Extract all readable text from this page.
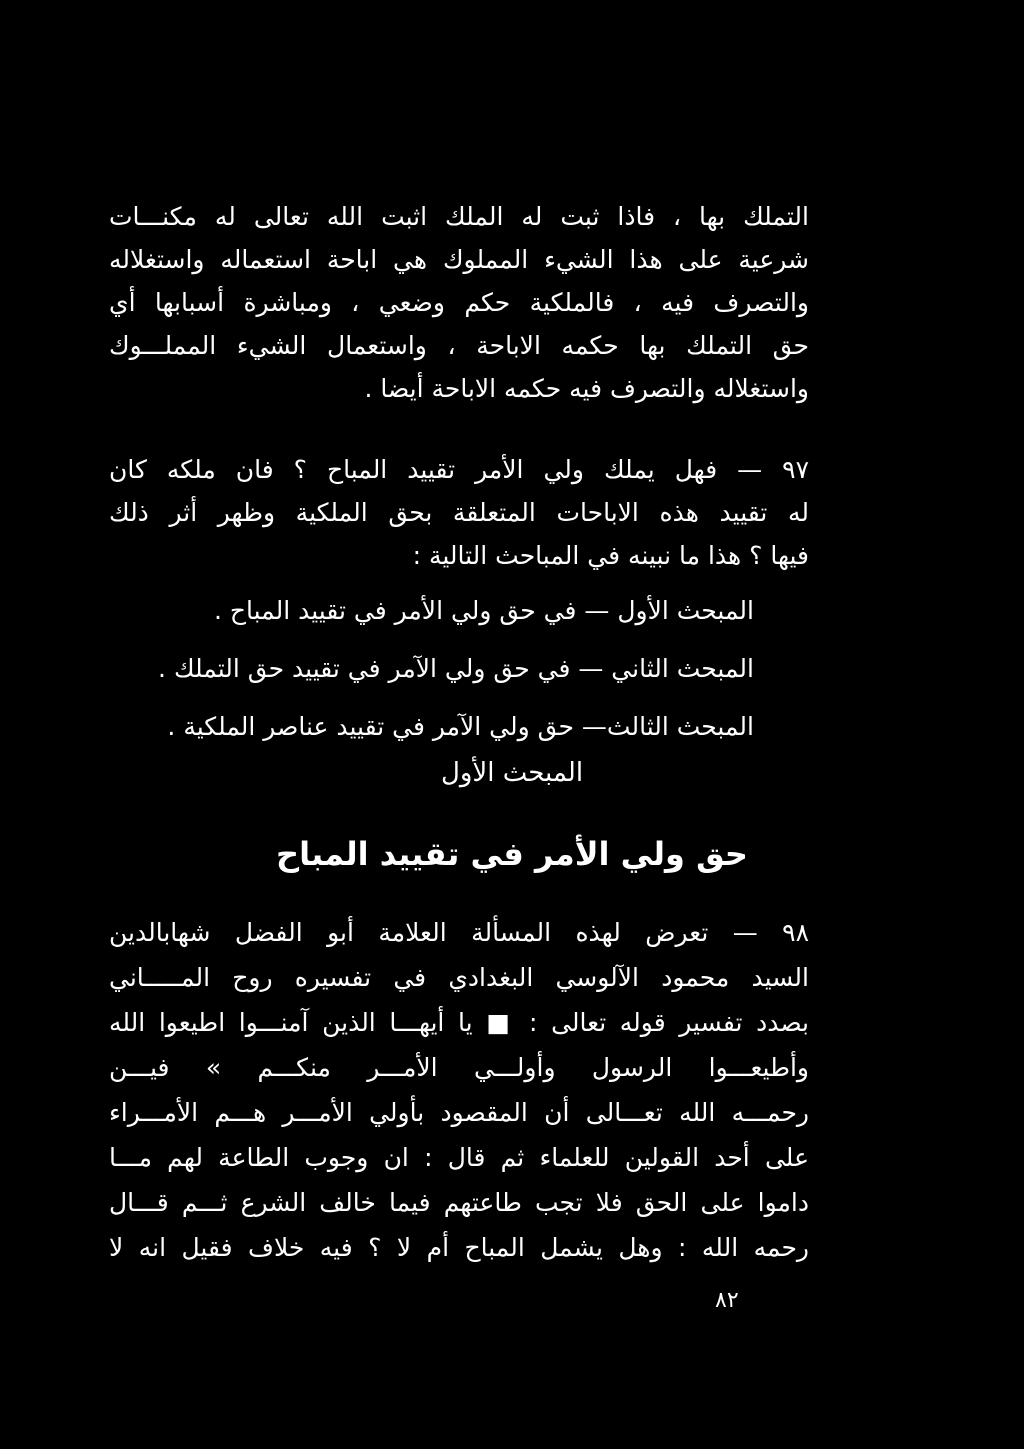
التملك بها ، فاذا ثبت له الملك اثبت الله تعالى له مكنـــات
شرعية على هذا الشيء المملوك هي اباحة استعماله واستغلاله
والتصرف فيه ، فالملكية حكم وضعي ، ومباشرة أسبابها أي
حق التملك بها حكمه الاباحة ، واستعمال الشيء المملـــوك
واستغلاله والتصرف فيه حكمه الاباحة أيضا .
٩٧ — فهل يملك ولي الأمر تقييد المباح ؟ فان ملكه كان
له تقييد هذه الاباحات المتعلقة بحق الملكية وظهر أثر ذلك
فيها ؟ هذا ما نبينه في المباحث التالية :
المبحث الأول — في حق ولي الأمر في تقييد المباح .
المبحث الثاني — في حق ولي الآمر في تقييد حق التملك .
المبحث الثالث— حق ولي الآمر في تقييد عناصر الملكية .
المبحث الأول
حق ولي الأمر في تقييد المباح
٩٨ — تعرض لهذه المسألة العلامة أبو الفضل شهابالدين
السيد محمود الآلوسي البغدادي في تفسيره روح المـــــاني
بصدد تفسير قوله تعالى : ■ يا أيهـــا الذين آمنـــوا اطيعوا الله
وأطيعـــوا الرسول وأولـــي الأمـــر منكـــم » فيـــن
رحمـــه الله تعـــالى أن المقصود بأولي الأمـــر هـــم الأمـــراء
على أحد القولين للعلماء ثم قال : ان وجوب الطاعة لهم مـــا
داموا على الحق فلا تجب طاعتهم فيما خالف الشرع ثـــم قـــال
رحمه الله : وهل يشمل المباح أم لا ؟ فيه خلاف فقيل انه لا
٨٢
